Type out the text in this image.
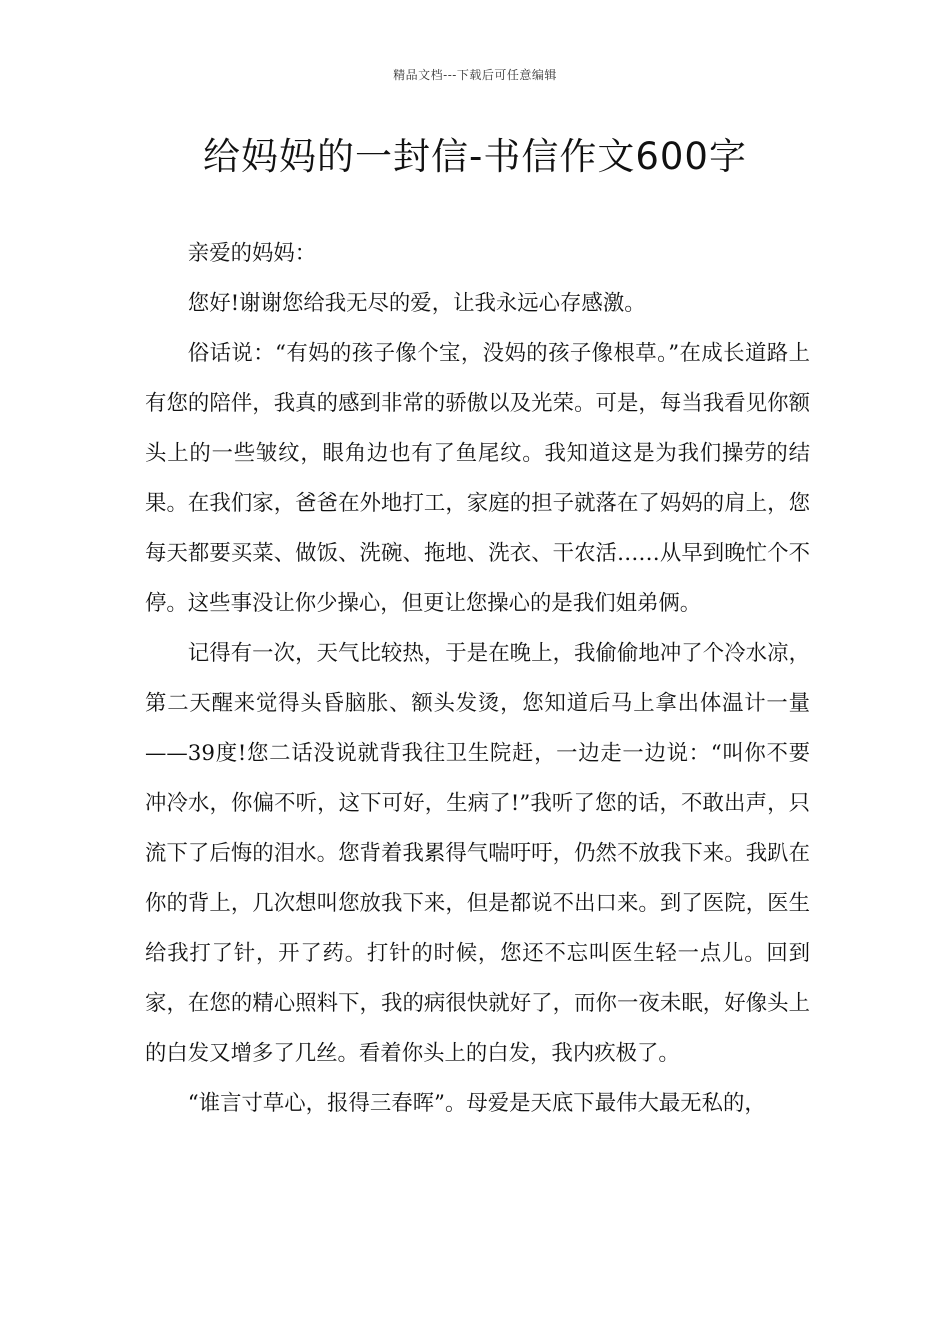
精品文档---下载后可任意编辑
给妈妈的一封信-书信作文600字

亲爱的妈妈：

您好!谢谢您给我无尽的爱，让我永远心存感激。

俗话说：“有妈的孩子像个宝，没妈的孩子像根草。”在成长道路上有您的陪伴，我真的感到非常的骄傲以及光荣。可是，每当我看见你额头上的一些皱纹，眼角边也有了鱼尾纹。我知道这是为我们操劳的结果。在我们家，爸爸在外地打工，家庭的担子就落在了妈妈的肩上，您每天都要买菜、做饭、洗碗、拖地、洗衣、干农活……从早到晚忙个不停。这些事没让你少操心，但更让您操心的是我们姐弟俩。

记得有一次，天气比较热，于是在晚上，我偷偷地冲了个冷水凉，第二天醒来觉得头昏脑胀、额头发烫，您知道后马上拿出体温计一量——39度!您二话没说就背我往卫生院赶，一边走一边说：“叫你不要冲冷水，你偏不听，这下可好，生病了!”我听了您的话，不敢出声，只流下了后悔的泪水。您背着我累得气喘吁吁，仍然不放我下来。我趴在你的背上，几次想叫您放我下来，但是都说不出口来。到了医院，医生给我打了针，开了药。打针的时候，您还不忘叫医生轻一点儿。回到家，在您的精心照料下，我的病很快就好了，而你一夜未眠，好像头上的白发又增多了几丝。看着你头上的白发，我内疚极了。

“谁言寸草心，报得三春晖”。母爱是天底下最伟大最无私的，
